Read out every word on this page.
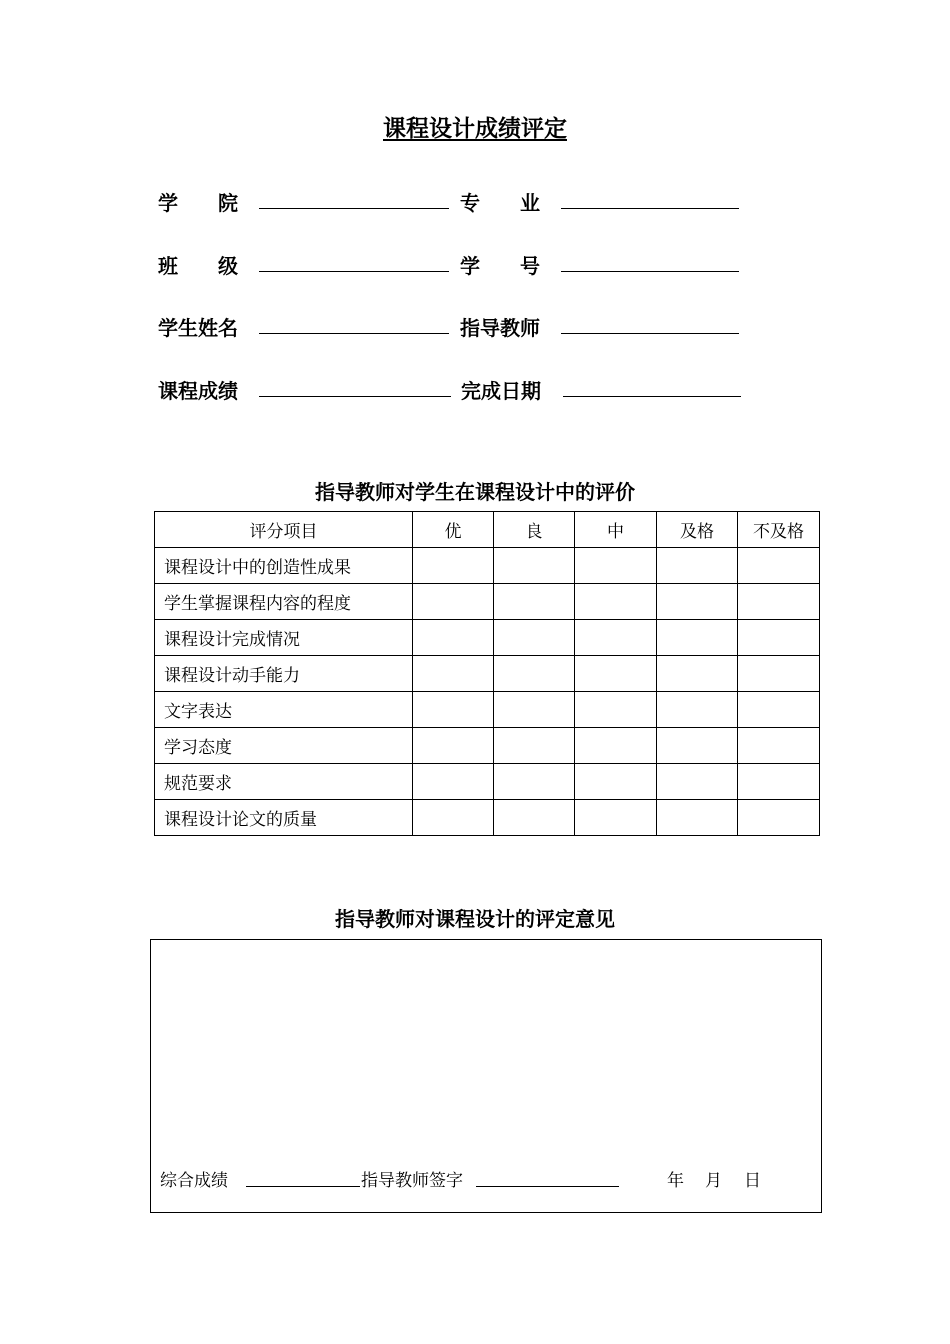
课程设计成绩评定
学　　院	专　　业
班　　级	学　　号
学生姓名	指导教师
课程成绩	完成日期
指导教师对学生在课程设计中的评价
评分项目	优	良	中	及格	不及格
课程设计中的创造性成果					
学生掌握课程内容的程度					
课程设计完成情况					
课程设计动手能力					
文字表达					
学习态度					
规范要求					
课程设计论文的质量					
指导教师对课程设计的评定意见
综合成绩	指导教师签字	年 月 日
